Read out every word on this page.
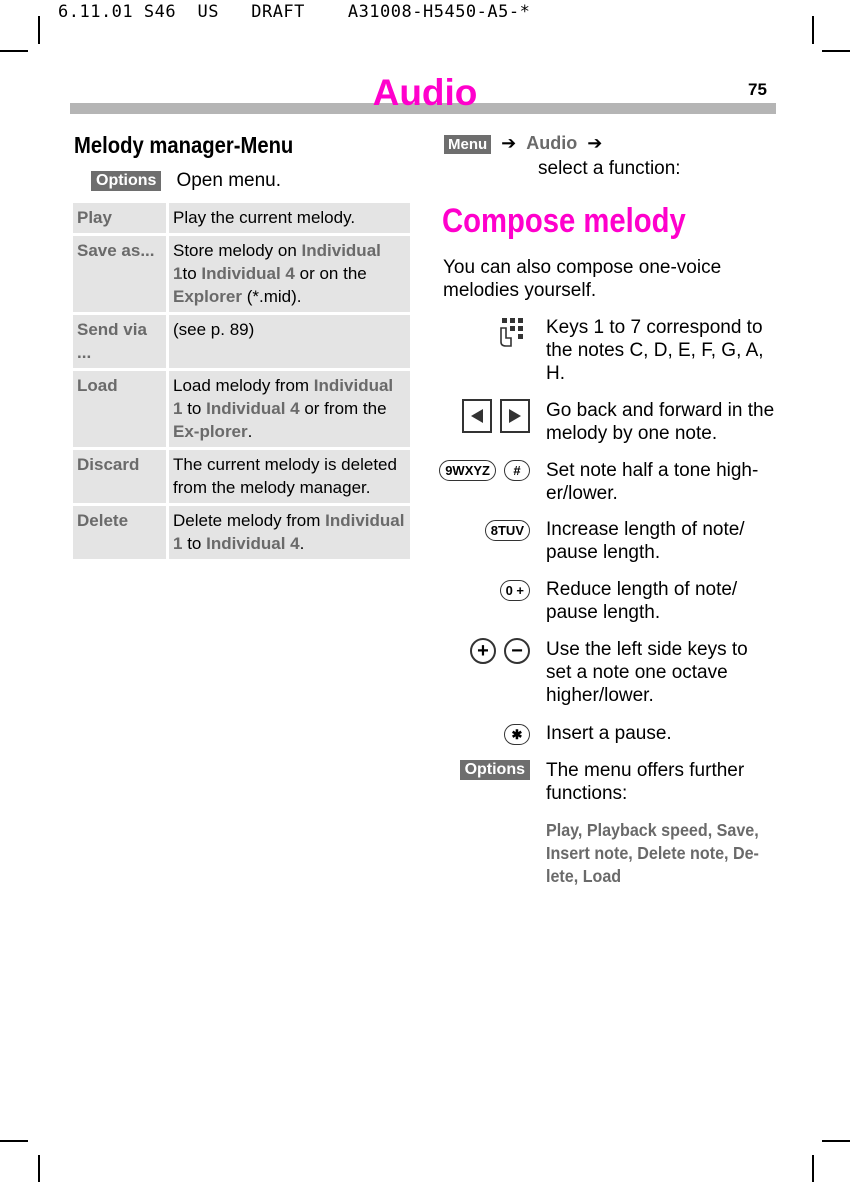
6.11.01 S46  US   DRAFT    A31008-H5450-A5-*
Audio	75
Melody manager-Menu
Options Open menu.
Play	Play the current melody.
Save as...	Store melody on Individual 1to Individual 4 or on the Explorer (*.mid).
Send via ...	(see p. 89)
Load	Load melody from Individual 1 to Individual 4 or from the Ex-plorer.
Discard	The current melody is deleted from the melody manager.
Delete	Delete melody from Individual 1 to Individual 4.
Menu ➔ Audio ➔
select a function:
Compose melody
You can also compose one-voice melodies yourself.
Keys 1 to 7 correspond to the notes C, D, E, F, G, A, H.
Go back and forward in the melody by one note.
9WXYZ	#	Set note half a tone high-er/lower.
8TUV	Increase length of note/ pause length.
0 +	Reduce length of note/ pause length.
+	−	Use the left side keys to set a note one octave higher/lower.
✱	Insert a pause.
Options The menu offers further functions:
Play, Playback speed, Save, Insert note, Delete note, De-lete, Load
